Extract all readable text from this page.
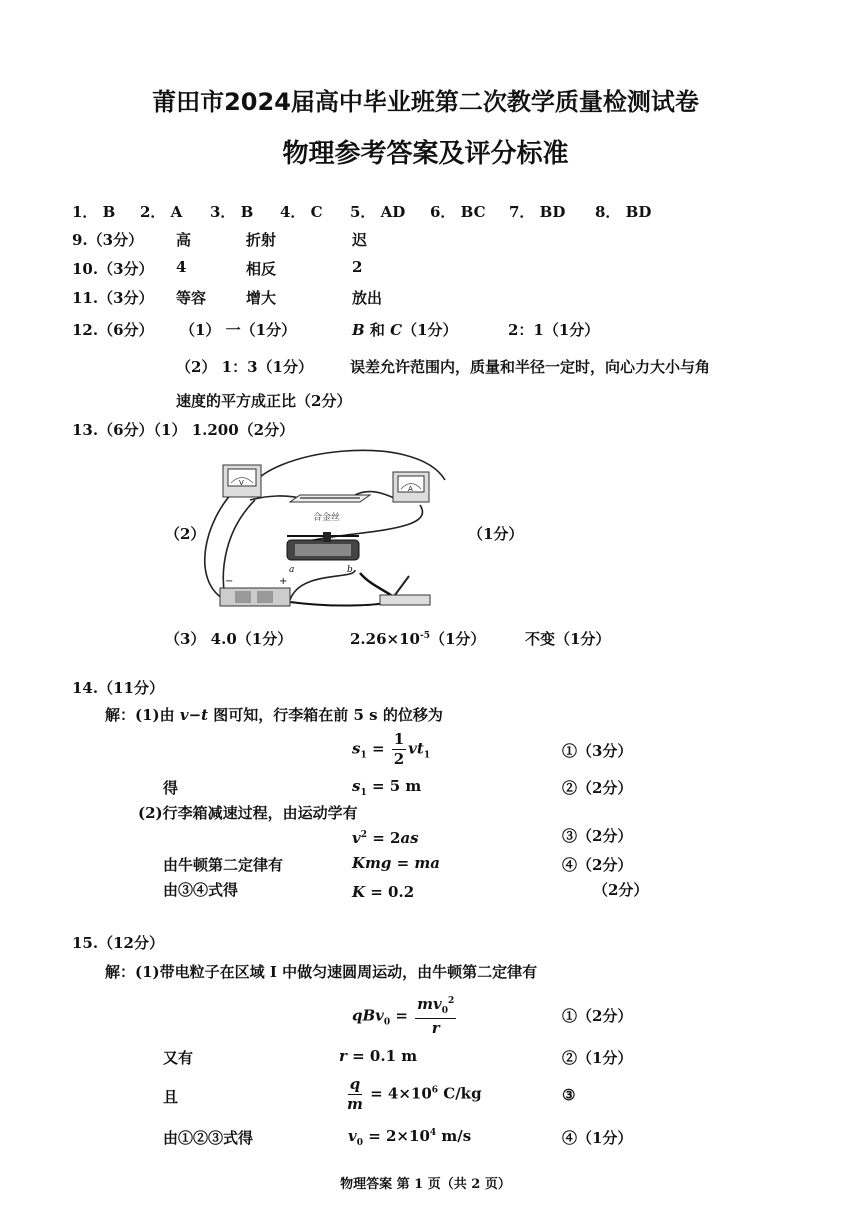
莆田市2024届高中毕业班第二次教学质量检测试卷
物理参考答案及评分标准
1． B 2． A 3． B 4． C 5． AD 6． BC 7． BD 8． BD
9.（3分） 高	折射	迟
10.（3分） 4	相反	2
11.（3分） 等容	增大	放出
12.（6分） （1） 一（1分）	B 和 C（1分）	2：1（1分）
（2） 1：3（1分） 误差允许范围内，质量和半径一定时，向心力大小与角
速度的平方成正比（2分）
13.（6分）（1） 1.200（2分）
（2）	（1分）
V
A
合金丝
a	b
−	+
（3） 4.0（1分）	$2.26\times 10^{-5}(1$分）	不变（1分）
14.（11分）
解：(1)由 v−t 图可知，行李箱在前 5 s 的位移为
$s_1 = \frac{1}{2} vt_1$	①（3分）
得	$s_1 = 5$ m	②（2分）
(2)行李箱减速过程，由运动学有
$v^2 = 2as$	③（2分）
由牛顿第二定律有	Kmg = ma	④（2分）
由③④式得	K = 0.2	（2分）
15.（12分）
解：(1)带电粒子在区域 I 中做匀速圆周运动，由牛顿第二定律有
$qBv_0 = \frac{mv_0^2}{r}$	①（2分）
又有	r = 0.1 m	②（1分）
且	$\frac{q}{m} = 4\times 10^6$ C/kg	③
由①②③式得	$v_0 = 2\times 10^4$ m/s	④（1分）
物理答案 第 1 页（共 2 页）
